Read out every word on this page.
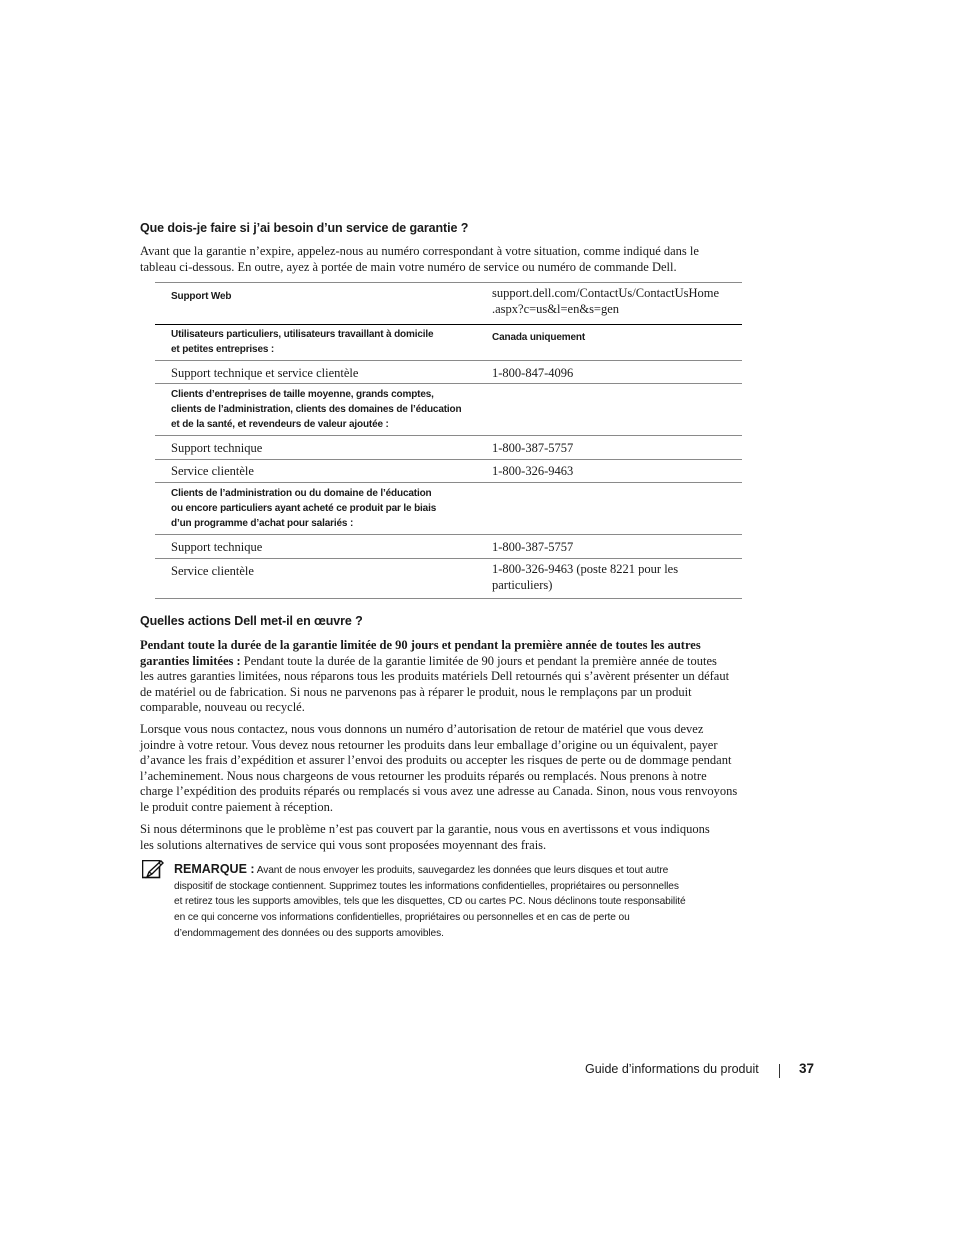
Que dois-je faire si j’ai besoin d’un service de garantie ?

Avant que la garantie n’expire, appelez-nous au numéro correspondant à votre situation, comme indiqué dans le
tableau ci-dessous. En outre, ayez à portée de main votre numéro de service ou numéro de commande Dell.

Support Web	support.dell.com/ContactUs/ContactUsHome
.aspx?c=us&l=en&s=gen

Utilisateurs particuliers, utilisateurs travaillant à domicile
et petites entreprises :	Canada uniquement
Support technique et service clientèle	1-800-847-4096

Clients d’entreprises de taille moyenne, grands comptes,
clients de l’administration, clients des domaines de l’éducation
et de la santé, et revendeurs de valeur ajoutée :	

Support technique	1-800-387-5757
Service clientèle	1-800-326-9463

Clients de l’administration ou du domaine de l’éducation
ou encore particuliers ayant acheté ce produit par le biais
d’un programme d’achat pour salariés :	

Support technique	1-800-387-5757
Service clientèle	1-800-326-9463 (poste 8221 pour les
particuliers)
Quelles actions Dell met-il en œuvre ?

Pendant toute la durée de la garantie limitée de 90 jours et pendant la première année de toutes les autres
garanties limitées : Pendant toute la durée de la garantie limitée de 90 jours et pendant la première année de toutes
les autres garanties limitées, nous réparons tous les produits matériels Dell retournés qui s’avèrent présenter un défaut
de matériel ou de fabrication. Si nous ne parvenons pas à réparer le produit, nous le remplaçons par un produit
comparable, nouveau ou recyclé.

Lorsque vous nous contactez, nous vous donnons un numéro d’autorisation de retour de matériel que vous devez
joindre à votre retour. Vous devez nous retourner les produits dans leur emballage d’origine ou un équivalent, payer
d’avance les frais d’expédition et assurer l’envoi des produits ou accepter les risques de perte ou de dommage pendant
l’acheminement. Nous nous chargeons de vous retourner les produits réparés ou remplacés. Nous prenons à notre
charge l’expédition des produits réparés ou remplacés si vous avez une adresse au Canada. Sinon, nous vous renvoyons
le produit contre paiement à réception.

Si nous déterminons que le problème n’est pas couvert par la garantie, nous vous en avertissons et vous indiquons
les solutions alternatives de service qui vous sont proposées moyennant des frais.

REMARQUE : Avant de nous envoyer les produits, sauvegardez les données que leurs disques et tout autre
dispositif de stockage contiennent. Supprimez toutes les informations confidentielles, propriétaires ou personnelles
et retirez tous les supports amovibles, tels que les disquettes, CD ou cartes PC. Nous déclinons toute responsabilité
en ce qui concerne vos informations confidentielles, propriétaires ou personnelles et en cas de perte ou
d’endommagement des données ou des supports amovibles.

Guide d’informations du produit	37
